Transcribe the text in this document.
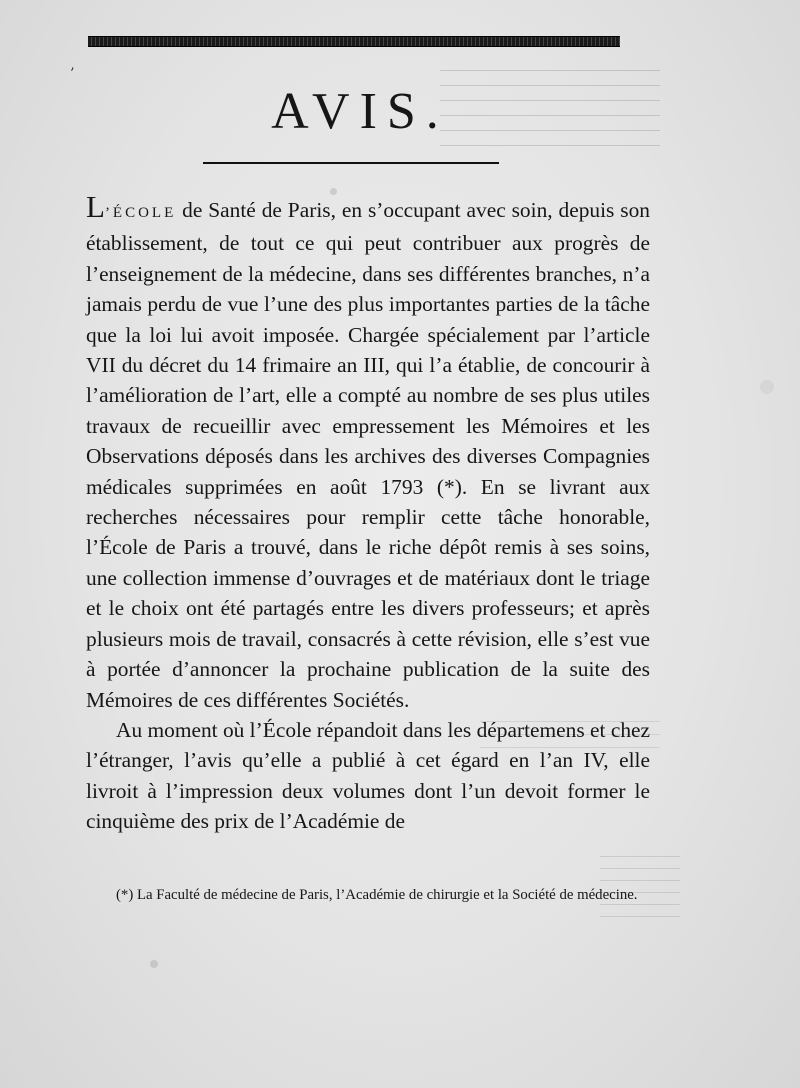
’
AVIS.

L’ÉCOLE de Santé de Paris, en s’occupant avec soin, depuis son établissement, de tout ce qui peut contribuer aux progrès de l’enseignement de la médecine, dans ses différentes branches, n’a jamais perdu de vue l’une des plus importantes parties de la tâche que la loi lui avoit imposée. Chargée spécialement par l’article VII du décret du 14 frimaire an III, qui l’a établie, de concourir à l’amélioration de l’art, elle a compté au nombre de ses plus utiles travaux de recueillir avec empressement les Mémoires et les Observations déposés dans les archives des diverses Compagnies médicales supprimées en août 1793 (*). En se livrant aux recherches nécessaires pour remplir cette tâche honorable, l’École de Paris a trouvé, dans le riche dépôt remis à ses soins, une collection immense d’ouvrages et de matériaux dont le triage et le choix ont été partagés entre les divers professeurs; et après plusieurs mois de travail, consacrés à cette révision, elle s’est vue à portée d’annoncer la prochaine publication de la suite des Mémoires de ces différentes Sociétés.

Au moment où l’École répandoit dans les départemens et chez l’étranger, l’avis qu’elle a publié à cet égard en l’an IV, elle livroit à l’impression deux volumes dont l’un devoit former le cinquième des prix de l’Académie de

(*) La Faculté de médecine de Paris, l’Académie de chirurgie et la Société de médecine.
